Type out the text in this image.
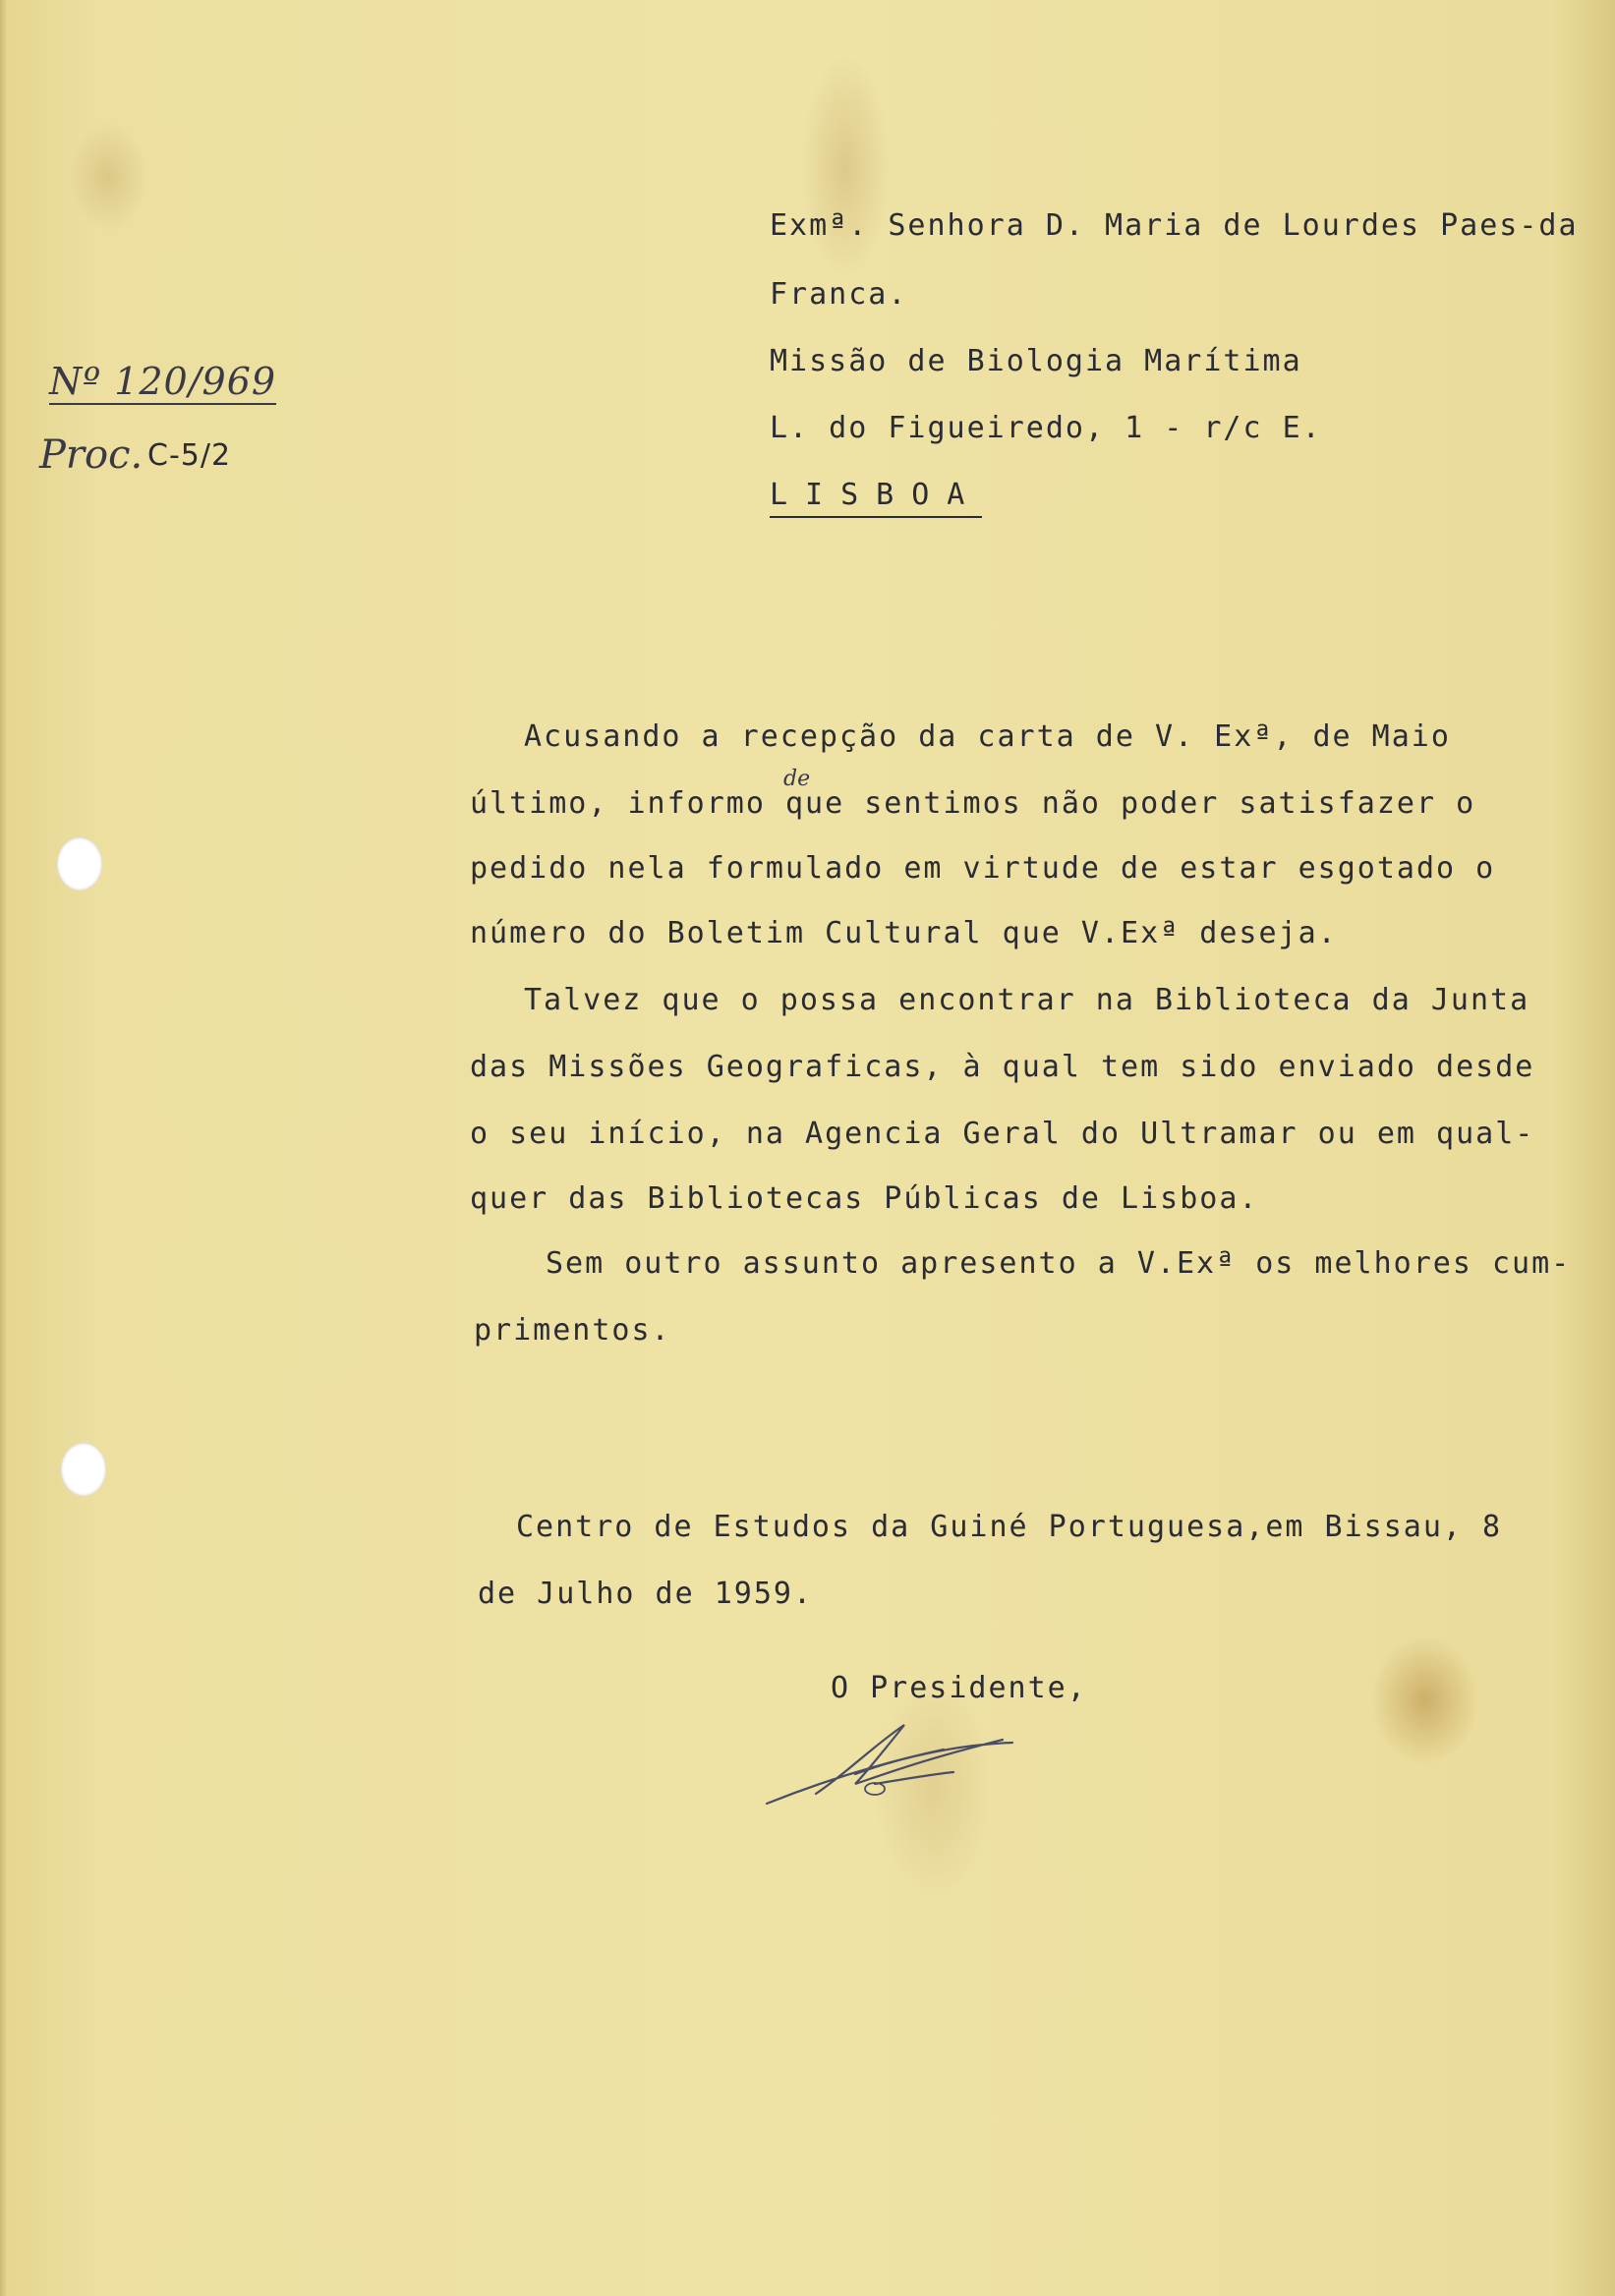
Nº 120/969
Proc. C-5/2
Exmª. Senhora D. Maria de Lourdes Paes-da
Franca.
Missão de Biologia Marítima
L. do Figueiredo, 1 - r/c E.
LISBOA
Acusando a recepção da carta de V. Exª, de Maio
último, informo que sentimos não poder satisfazer o
de
pedido nela formulado em virtude de estar esgotado o
número do Boletim Cultural que V.Exª deseja.
Talvez que o possa encontrar na Biblioteca da Junta
das Missões Geograficas, à qual tem sido enviado desde
o seu início, na Agencia Geral do Ultramar ou em qual-
quer das Bibliotecas Públicas de Lisboa.
Sem outro assunto apresento a V.Exª os melhores cum-
primentos.
Centro de Estudos da Guiné Portuguesa,em Bissau, 8
de Julho de 1959.
O Presidente,
